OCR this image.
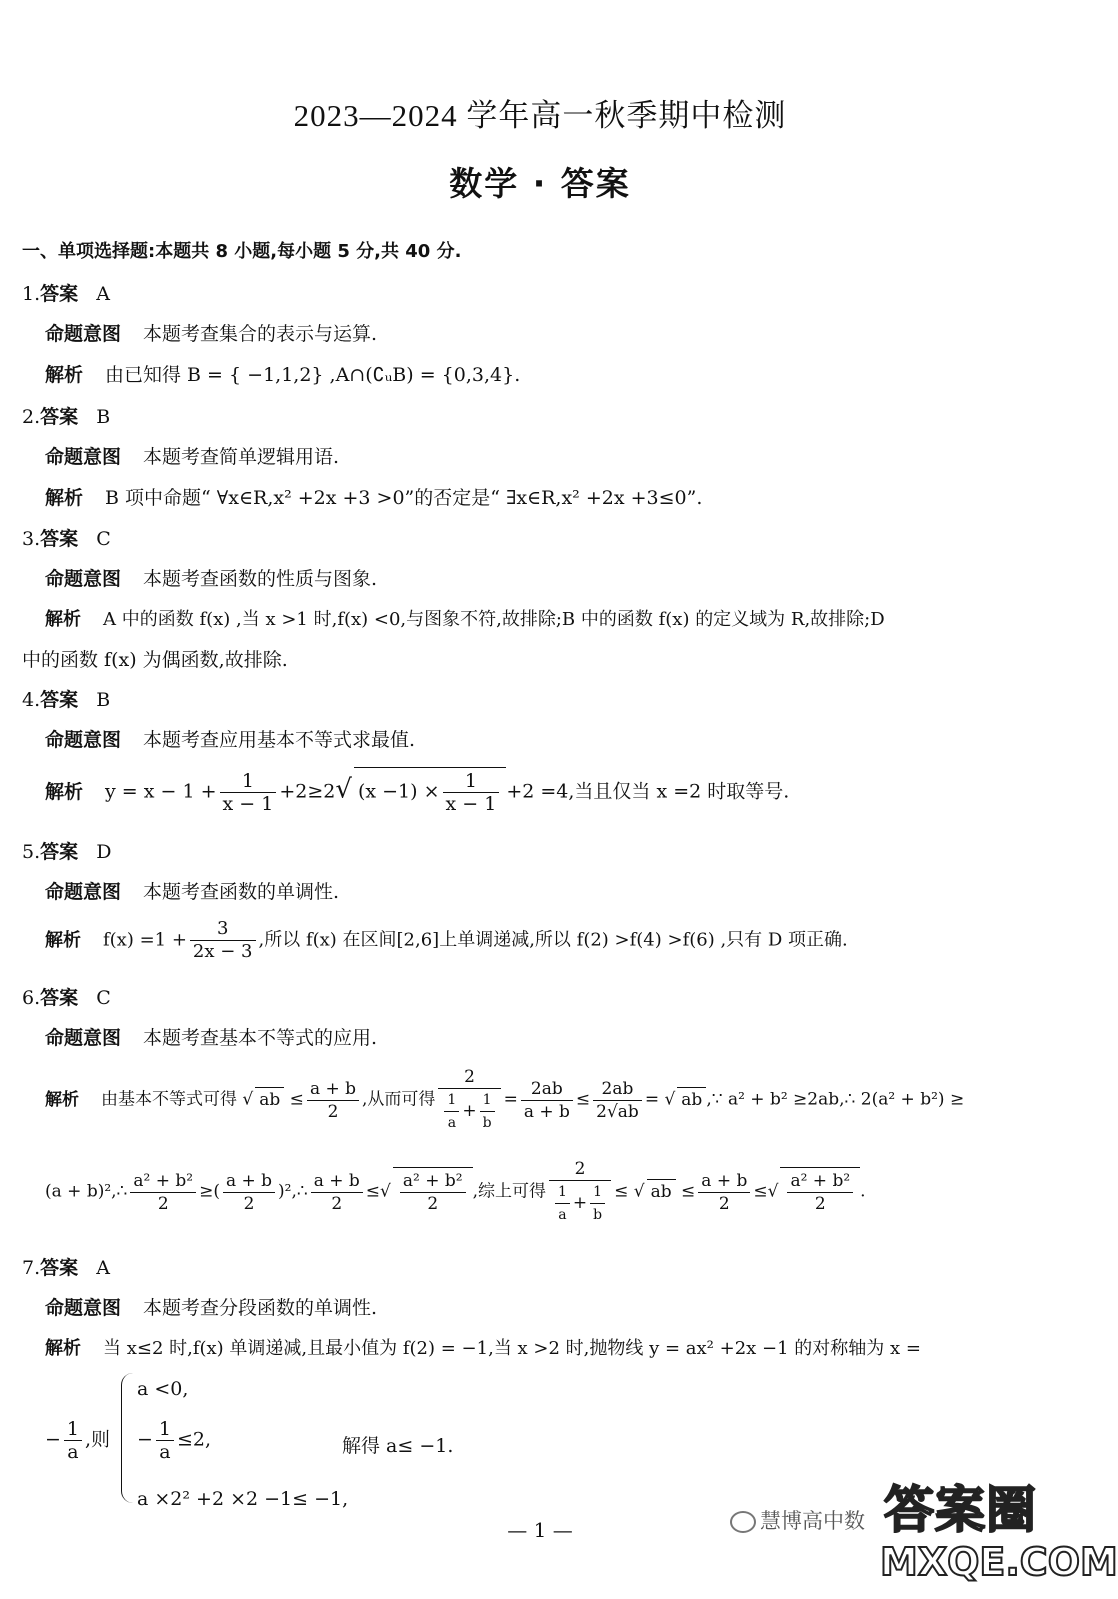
2023—2024 学年高一秋季期中检测
数学 · 答案
一、单项选择题:本题共 8 小题,每小题 5 分,共 40 分.
1.答案 A
命题意图 本题考查集合的表示与运算.
解析 由已知得 B = { −1,1,2} ,A∩(∁ᵤB) = {0,3,4}.
2.答案 B
命题意图 本题考查简单逻辑用语.
解析 B 项中命题“ ∀x∈R,x² +2x +3 >0”的否定是“ ∃x∈R,x² +2x +3≤0”.
3.答案 C
命题意图 本题考查函数的性质与图象.
解析 A 中的函数 f(x) ,当 x >1 时,f(x) <0,与图象不符,故排除;B 中的函数 f(x) 的定义域为 R,故排除;D
中的函数 f(x) 为偶函数,故排除.
4.答案 B
命题意图 本题考查应用基本不等式求最值.
解析 $y = x - 1 + \frac{1}{x - 1} +2\ge 2√$ $(x -1) \times \frac{1}{x - 1} +2 =4$,当且仅当 x =2 时取等号.
5.答案 D
命题意图 本题考查函数的单调性.
解析 $f(x) =1 + \frac{3}{2x - 3}$ ,所以 f(x) 在区间[2,6]上单调递减,所以 f(2) >f(4) >f(6) ,只有 D 项正确.
6.答案 C
命题意图 本题考查基本不等式的应用.
解析 由基本不等式可得 √ ab ≤ $\frac{a + b}{2}$ ,从而可得 $\frac{2}{\frac{1}{a} + \frac{1}{b}} = \frac{2ab}{a + b} \le \frac{2ab}{2√ab}$ = √ ab ,∵ a² + b² ≥2ab,∴ 2(a² + b²) ≥
(a + b)²,∴ $\frac{\text{a² + b²}}{2}$ ≥( $\frac{a + b}{2}$ )²,∴ $\frac{a + b}{2}$ ≤√ $\frac{\text{a² + b²}}{2}$ ,综上可得 $\frac{2}{\frac{1}{a} + \frac{1}{b}}$ ≤ √ ab ≤ $\frac{a + b}{2}$ ≤√ $\frac{\text{a² + b²}}{2}$ .
7.答案 A
命题意图 本题考查分段函数的单调性.
解析 当 x≤2 时,f(x) 单调递减,且最小值为 f(2) = −1,当 x >2 时,抛物线 y = ax² +2x −1 的对称轴为 x =
− $\frac{1}{a}$ ,则
a <0,
− $\frac{1}{a} \le 2$,
a ×2² +2 ×2 −1≤ −1,
解得 a≤ −1.
— 1 —	慧博高中数 答案圈
MXQE.COM
